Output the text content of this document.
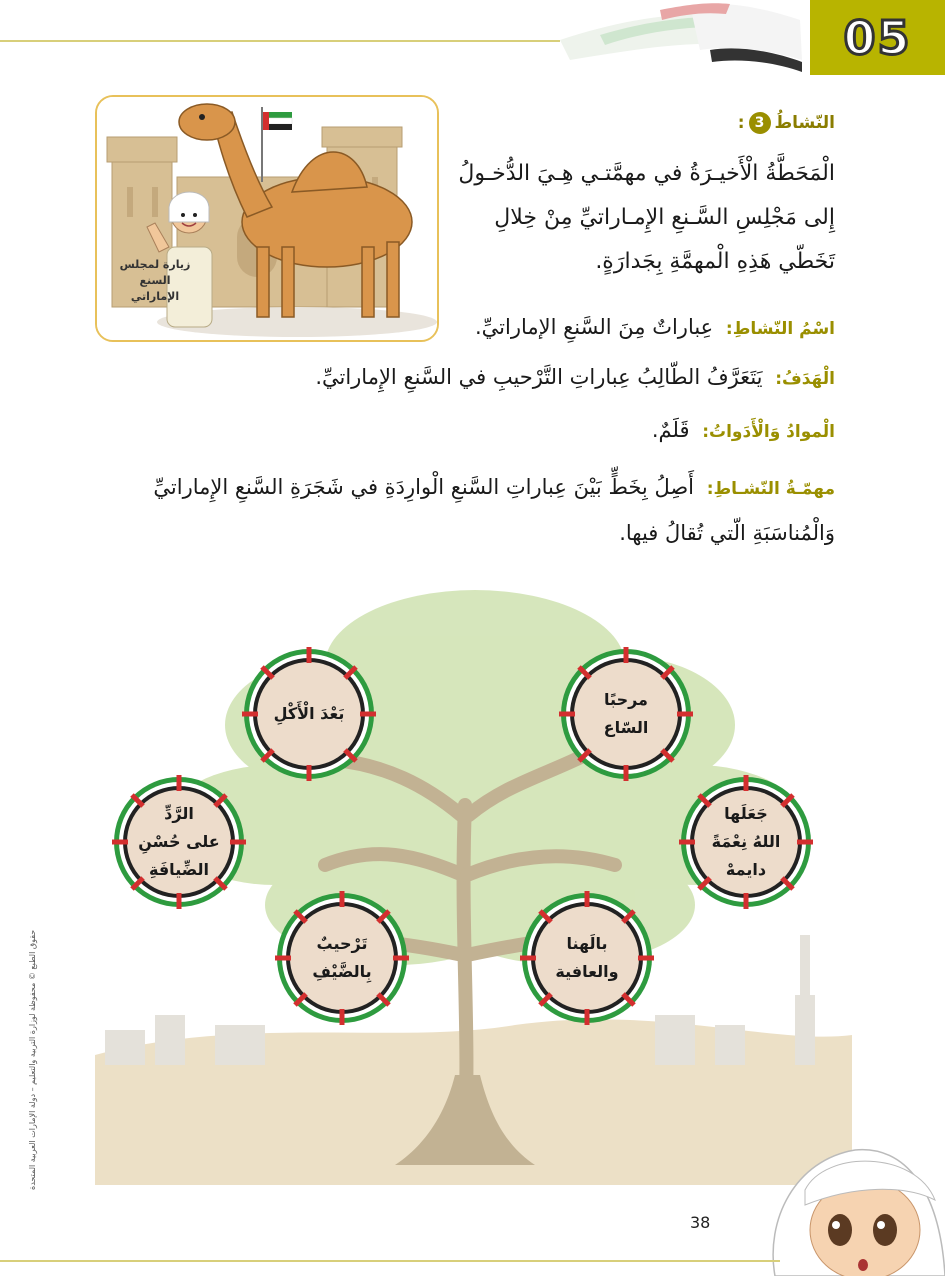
05
زيارة لمجلس
السنع
الإماراتي
النّشاطُ
3
:
الْمَحَطَّةُ الْأَخيـرَةُ في مهمَّتـي هِـيَ الدُّخـولُ إِلى مَجْلِسِ السَّـنعِ الإِمـاراتيِّ مِنْ خِلالِ تَخَطّي هَذِهِ الْمهمَّةِ بِجَدارَةٍ.
اسْمُ النّشاطِ: عِباراتٌ مِنَ السَّنعِ الإماراتيِّ.
الْهَدَفُ: يَتَعَرَّفُ الطّالِبُ عِباراتِ التَّرْحيبِ في السَّنعِ الإِماراتيِّ.
الْموادُ وَالْأَدَواتُ: قَلَمٌ.
مهمّـةُ النّشـاطِ: أَصِلُ بِخَطٍّ بَيْنَ عِباراتِ السَّنعِ الْوارِدَةِ في شَجَرَةِ السَّنعِ الإِماراتيِّ وَالْمُناسَبَةِ الّتي تُقالُ فيها.
بَعْدَ الْأَكْلِ
مرحبًا
السّاع
الرَّدِّ
على حُسْنِ
الضِّيافَةِ
جَعَلَها
اللهُ نِعْمَةً
دايمهْ
تَرْحيبٌ
بِالضَّيْفِ
بالَهنا
والعافية
حقوق الطبع © محفوظة لوزارة التربية والتعليم – دولة الإمارات العربية المتحدة
38
